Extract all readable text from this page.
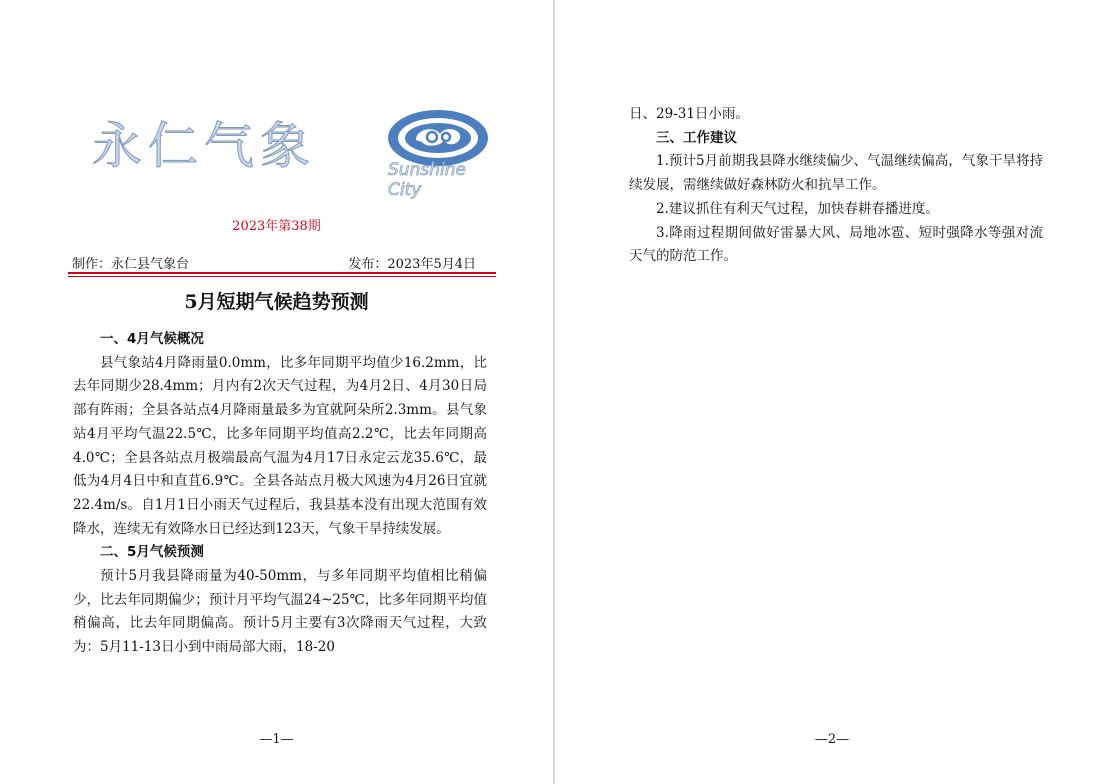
永仁气象	Sunshine City
2023年第38期
制作：永仁县气象台	发布：2023年5月4日
5月短期气候趋势预测
一、4月气候概况

县气象站4月降雨量0.0mm，比多年同期平均值少16.2mm，比去年同期少28.4mm；月内有2次天气过程，为4月2日、4月30日局部有阵雨；全县各站点4月降雨量最多为宜就阿朵所2.3mm。县气象站4月平均气温22.5℃，比多年同期平均值高2.2℃，比去年同期高4.0℃；全县各站点月极端最高气温为4月17日永定云龙35.6℃，最低为4月4日中和直苴6.9℃。全县各站点月极大风速为4月26日宜就22.4m/s。自1月1日小雨天气过程后，我县基本没有出现大范围有效降水，连续无有效降水日已经达到123天，气象干旱持续发展。

二、5月气候预测

预计5月我县降雨量为40-50mm，与多年同期平均值相比稍偏少，比去年同期偏少；预计月平均气温24~25℃，比多年同期平均值稍偏高，比去年同期偏高。预计5月主要有3次降雨天气过程，大致为：5月11-13日小到中雨局部大雨，18-20

—1—

日、29-31日小雨。

三、工作建议

1.预计5月前期我县降水继续偏少、气温继续偏高，气象干旱将持续发展，需继续做好森林防火和抗旱工作。

2.建议抓住有利天气过程，加快春耕春播进度。

3.降雨过程期间做好雷暴大风、局地冰雹、短时强降水等强对流天气的防范工作。

—2—
